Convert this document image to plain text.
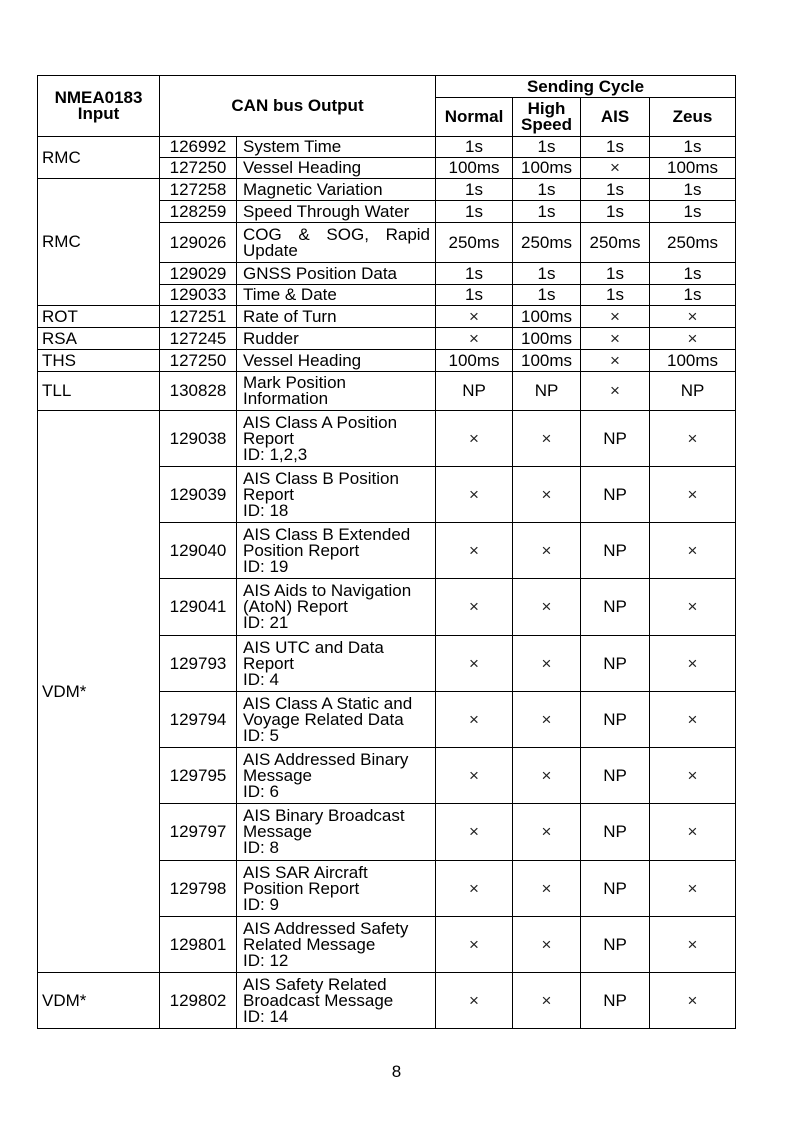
NMEA0183 Input	CAN bus Output		Sending Cycle			
			Normal	High Speed	AIS	Zeus
RMC	126992	System Time	1s	1s	1s	1s
	127250	Vessel Heading	100ms	100ms	×	100ms
RMC	127258	Magnetic Variation	1s	1s	1s	1s
	128259	Speed Through Water	1s	1s	1s	1s
	129026	COG & SOG, Rapid Update	250ms	250ms	250ms	250ms
	129029	GNSS Position Data	1s	1s	1s	1s
	129033	Time & Date	1s	1s	1s	1s
ROT	127251	Rate of Turn	×	100ms	×	×
RSA	127245	Rudder	×	100ms	×	×
THS	127250	Vessel Heading	100ms	100ms	×	100ms
TLL	130828	Mark Position
Information	NP	NP	×	NP
VDM*	129038	AIS Class A Position
Report
ID: 1,2,3	×	×	NP	×
	129039	AIS Class B Position
Report
ID: 18	×	×	NP	×
	129040	AIS Class B Extended
Position Report
ID: 19	×	×	NP	×
	129041	AIS Aids to Navigation
(AtoN) Report
ID: 21	×	×	NP	×
	129793	AIS UTC and Data
Report
ID: 4	×	×	NP	×
	129794	AIS Class A Static and
Voyage Related Data
ID: 5	×	×	NP	×
	129795	AIS Addressed Binary
Message
ID: 6	×	×	NP	×
	129797	AIS Binary Broadcast
Message
ID: 8	×	×	NP	×
	129798	AIS SAR Aircraft
Position Report
ID: 9	×	×	NP	×
	129801	AIS Addressed Safety
Related Message
ID: 12	×	×	NP	×
VDM*	129802	AIS Safety Related
Broadcast Message
ID: 14	×	×	NP	×
8
